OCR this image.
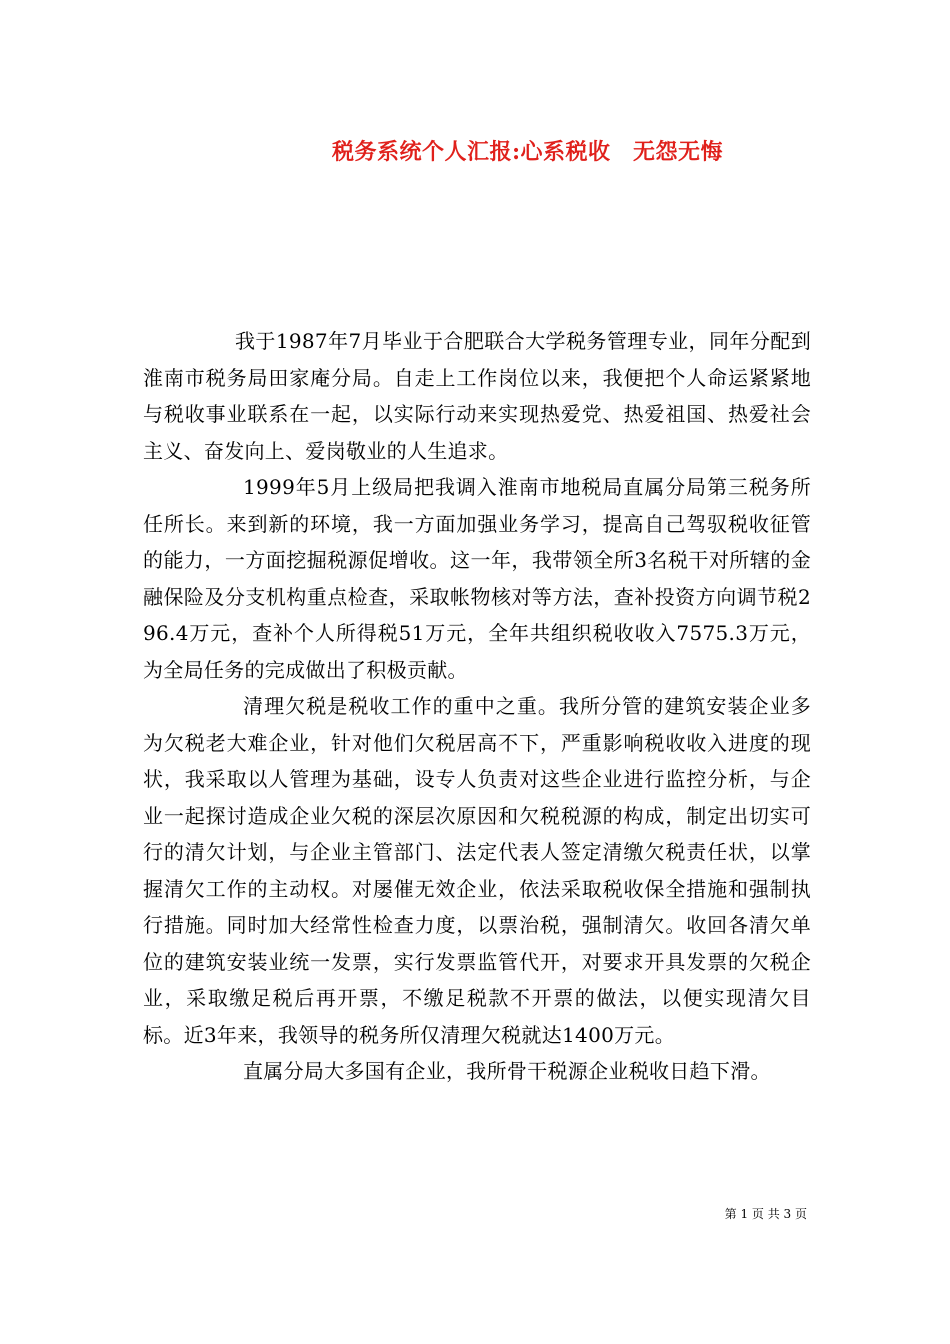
税务系统个人汇报:心系税收　无怨无悔

我于1987年7月毕业于合肥联合大学税务管理专业，同年分配到淮南市税务局田家庵分局。自走上工作岗位以来，我便把个人命运紧紧地与税收事业联系在一起，以实际行动来实现热爱党、热爱祖国、热爱社会主义、奋发向上、爱岗敬业的人生追求。

1999年5月上级局把我调入淮南市地税局直属分局第三税务所任所长。来到新的环境，我一方面加强业务学习，提高自己驾驭税收征管的能力，一方面挖掘税源促增收。这一年，我带领全所3名税干对所辖的金融保险及分支机构重点检查，采取帐物核对等方法，查补投资方向调节税296.4万元，查补个人所得税51万元，全年共组织税收收入7575.3万元，为全局任务的完成做出了积极贡献。

清理欠税是税收工作的重中之重。我所分管的建筑安装企业多为欠税老大难企业，针对他们欠税居高不下，严重影响税收收入进度的现状，我采取以人管理为基础，设专人负责对这些企业进行监控分析，与企业一起探讨造成企业欠税的深层次原因和欠税税源的构成，制定出切实可行的清欠计划，与企业主管部门、法定代表人签定清缴欠税责任状，以掌握清欠工作的主动权。对屡催无效企业，依法采取税收保全措施和强制执行措施。同时加大经常性检查力度，以票治税，强制清欠。收回各清欠单位的建筑安装业统一发票，实行发票监管代开，对要求开具发票的欠税企业，采取缴足税后再开票，不缴足税款不开票的做法，以便实现清欠目标。近3年来，我领导的税务所仅清理欠税就达1400万元。

直属分局大多国有企业，我所骨干税源企业税收日趋下滑。

第 1 页 共 3 页
